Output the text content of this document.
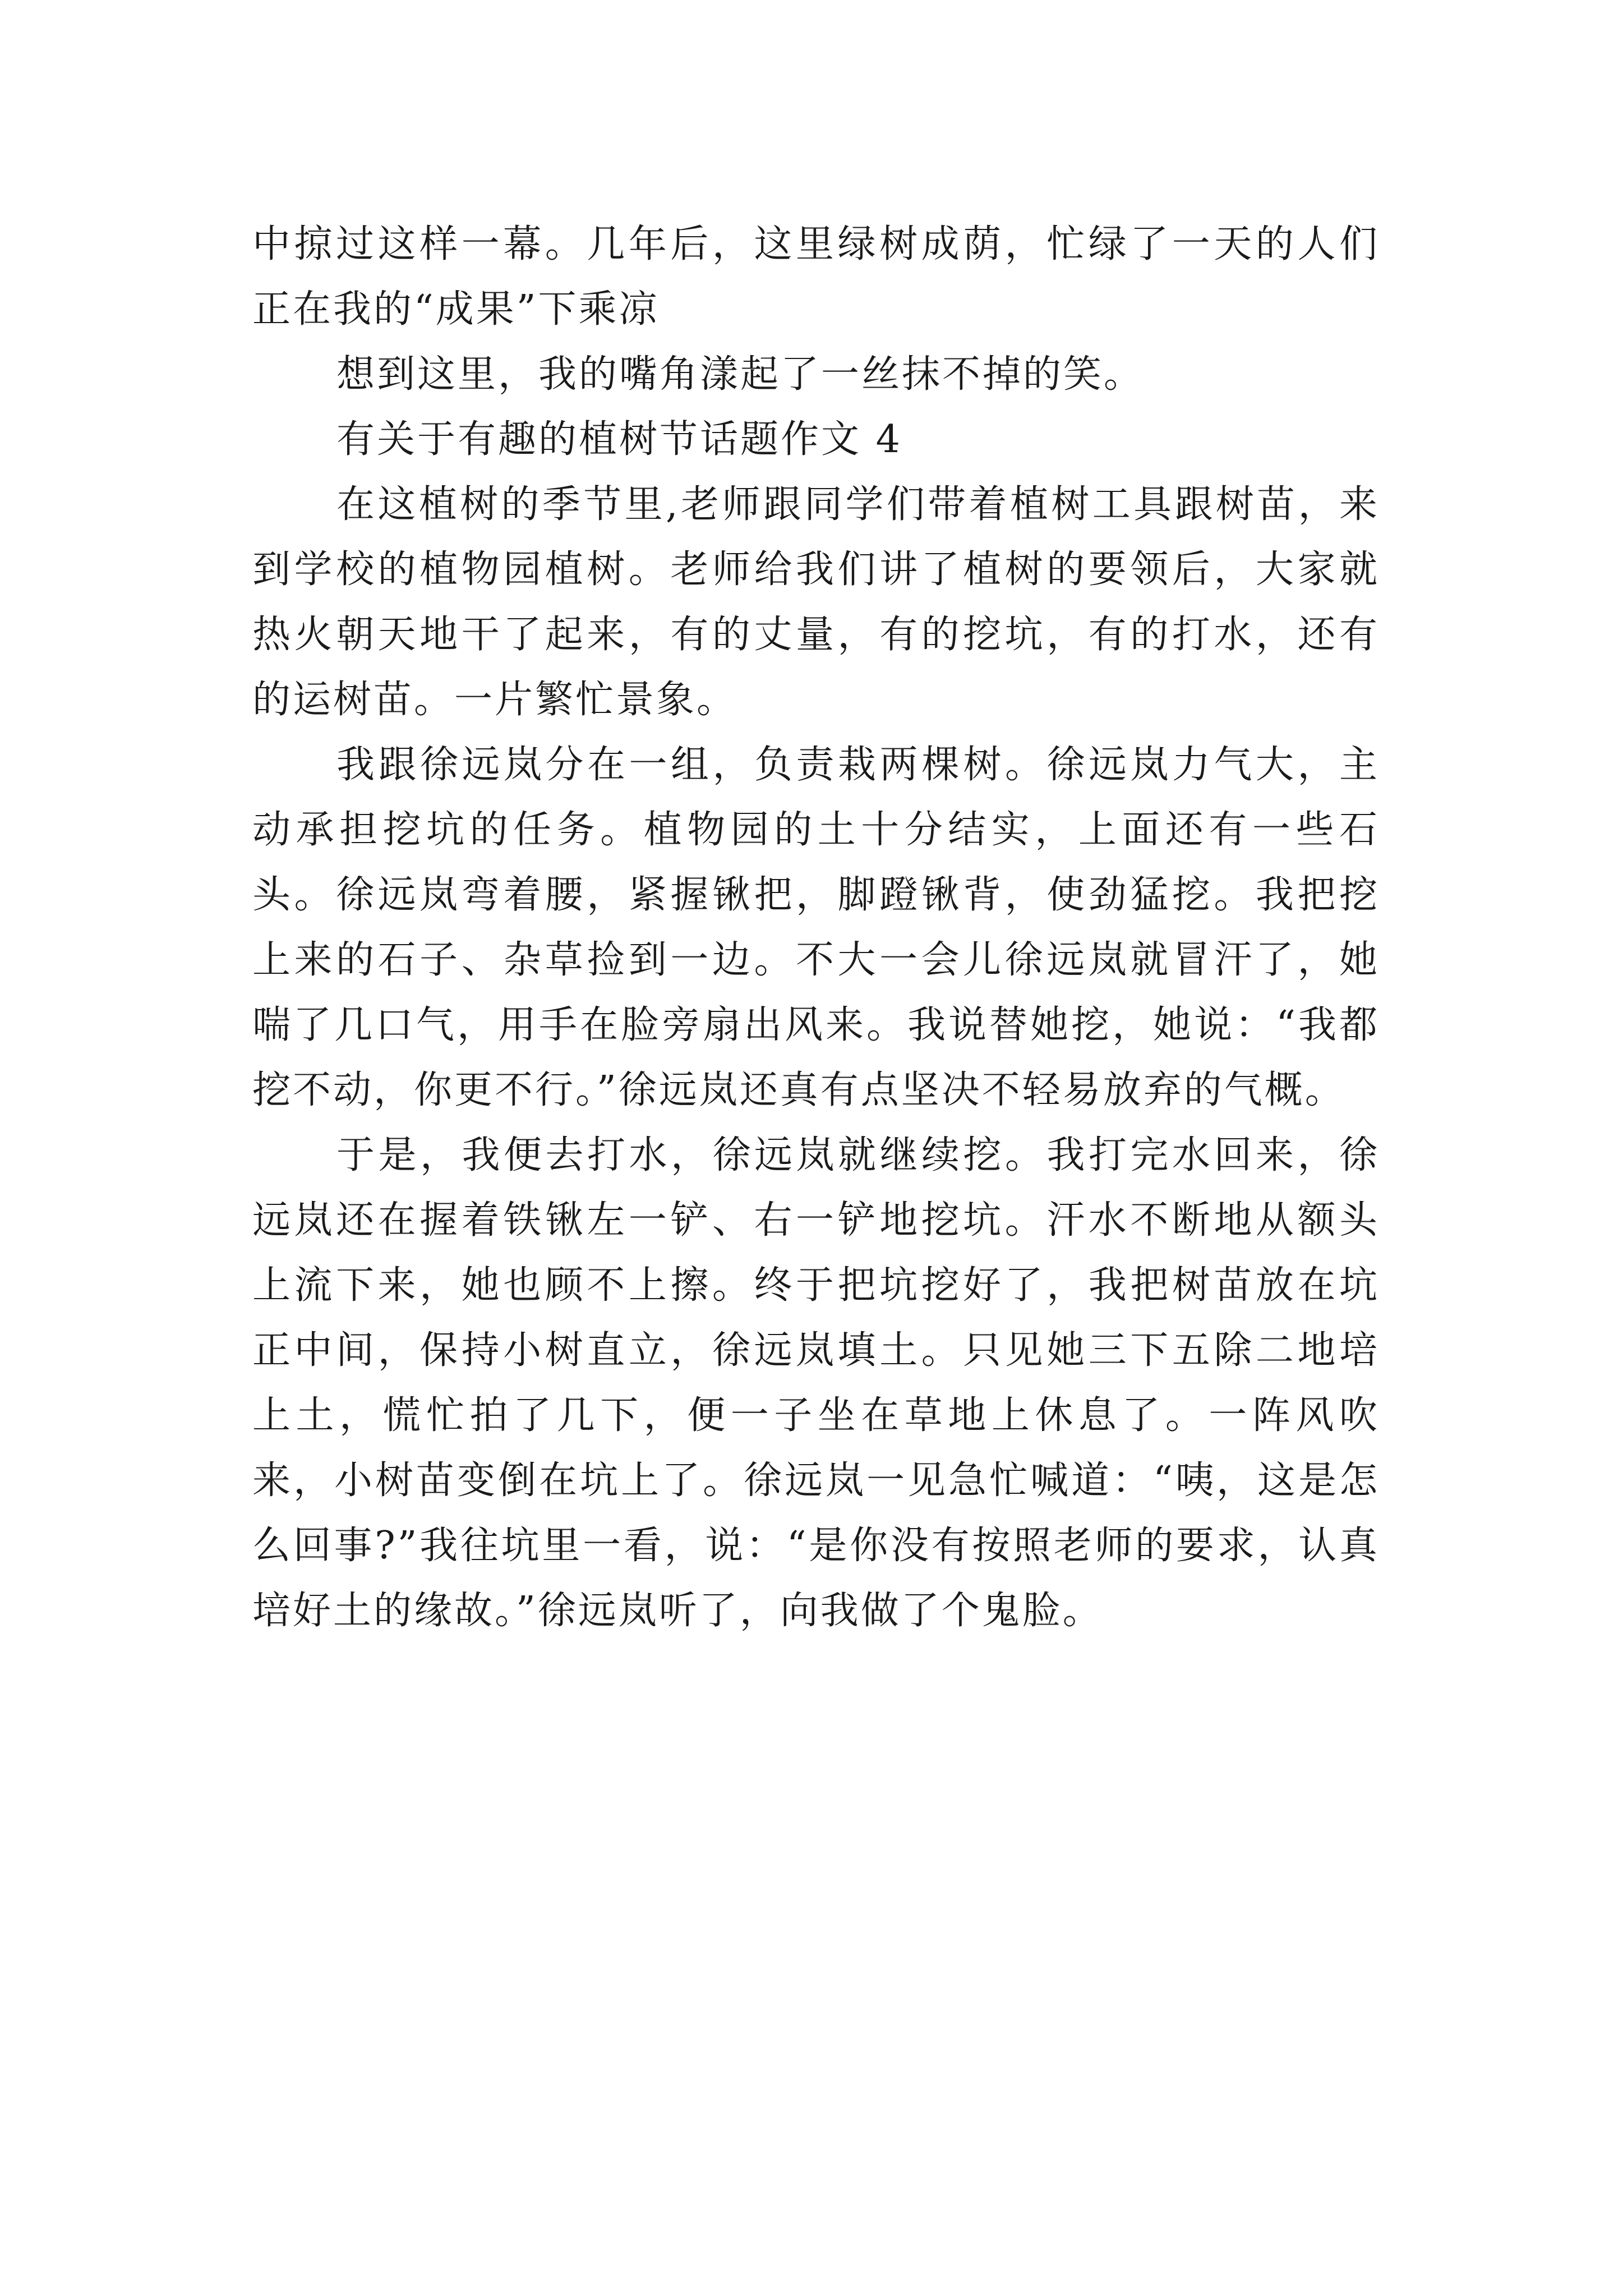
中掠过这样一幕。几年后，这里绿树成荫，忙绿了一天的人们正在我的“成果”下乘凉

想到这里，我的嘴角漾起了一丝抹不掉的笑。

有关于有趣的植树节话题作文 4

在这植树的季节里,老师跟同学们带着植树工具跟树苗，来到学校的植物园植树。老师给我们讲了植树的要领后，大家就热火朝天地干了起来，有的丈量，有的挖坑，有的打水，还有的运树苗。一片繁忙景象。

我跟徐远岚分在一组，负责栽两棵树。徐远岚力气大，主动承担挖坑的任务。植物园的土十分结实，上面还有一些石头。徐远岚弯着腰，紧握锹把，脚蹬锹背，使劲猛挖。我把挖上来的石子、杂草捡到一边。不大一会儿徐远岚就冒汗了，她喘了几口气，用手在脸旁扇出风来。我说替她挖，她说：“我都挖不动，你更不行。”徐远岚还真有点坚决不轻易放弃的气概。

于是，我便去打水，徐远岚就继续挖。我打完水回来，徐远岚还在握着铁锹左一铲、右一铲地挖坑。汗水不断地从额头上流下来，她也顾不上擦。终于把坑挖好了，我把树苗放在坑正中间，保持小树直立，徐远岚填土。只见她三下五除二地培上土，慌忙拍了几下，便一子坐在草地上休息了。一阵风吹来，小树苗变倒在坑上了。徐远岚一见急忙喊道：“咦，这是怎么回事?”我往坑里一看，说：“是你没有按照老师的要求，认真培好土的缘故。”徐远岚听了，向我做了个鬼脸。
